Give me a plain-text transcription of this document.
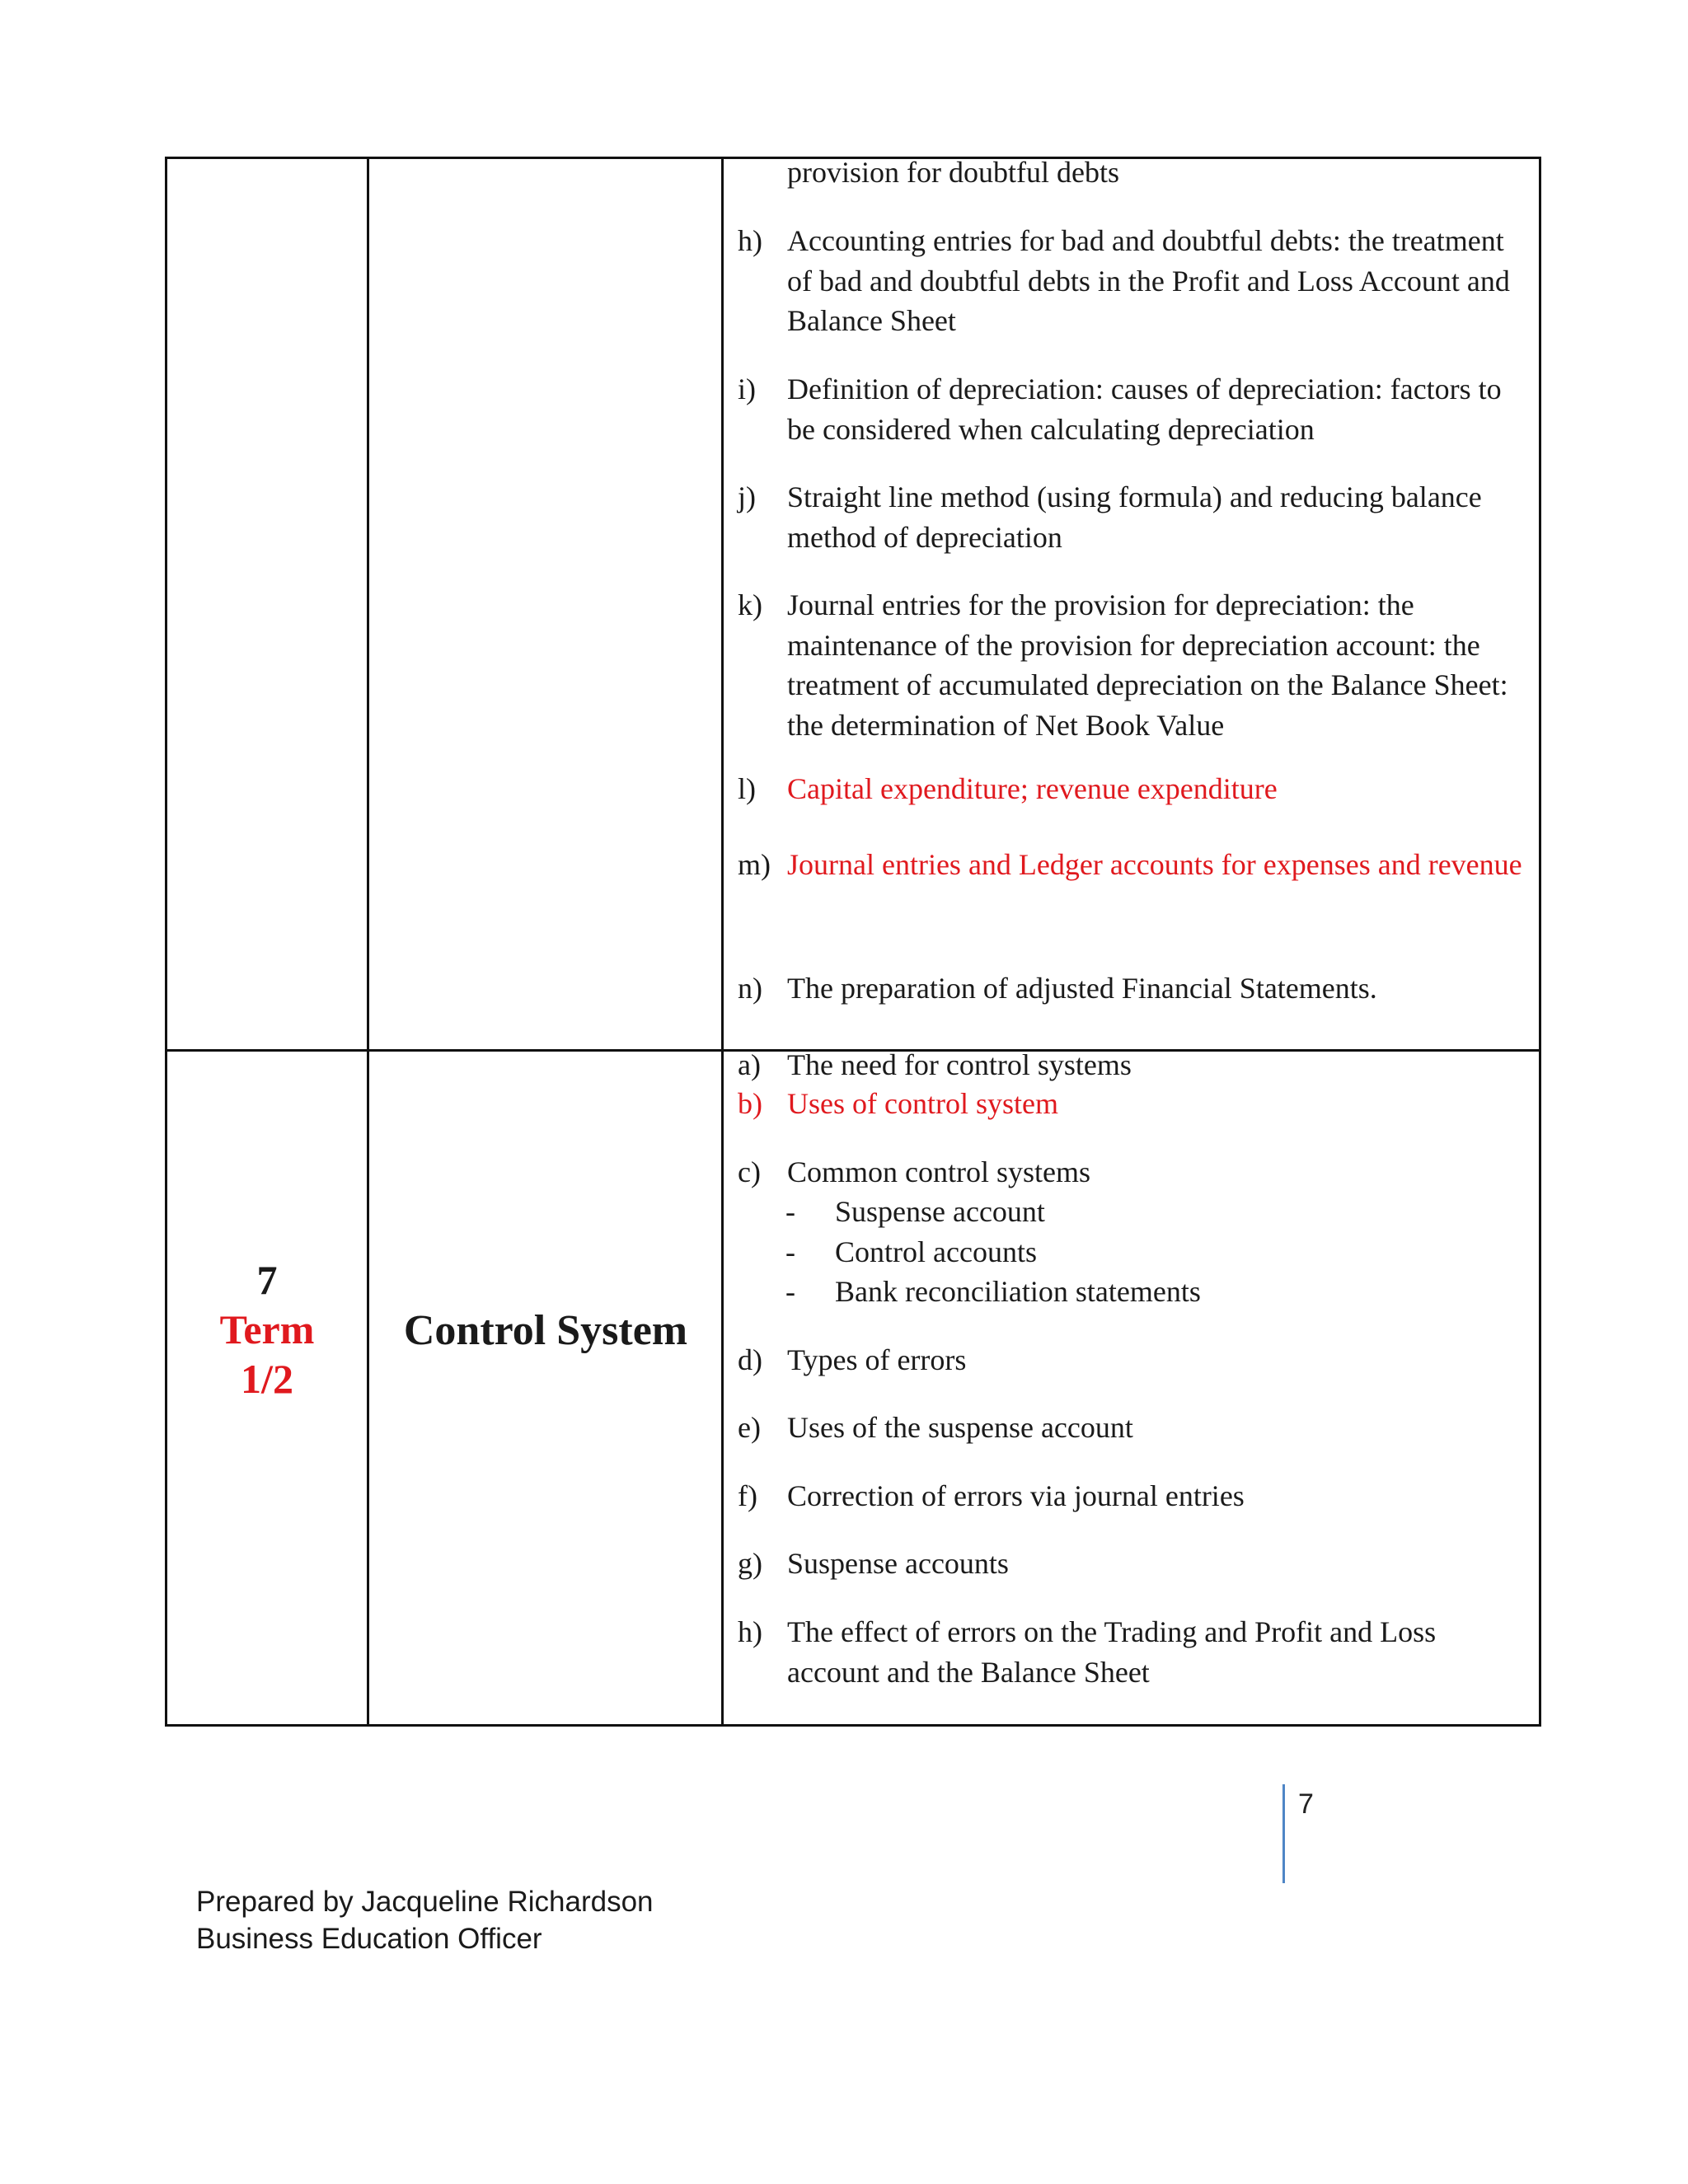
provision for doubtful debts
h) Accounting entries for bad and doubtful debts: the treatment of bad and doubtful debts in the Profit and Loss Account and Balance Sheet
i) Definition of depreciation: causes of depreciation: factors to be considered when calculating depreciation
j) Straight line method (using formula) and reducing balance method of depreciation
k) Journal entries for the provision for depreciation: the maintenance of the provision for depreciation account: the treatment of accumulated depreciation on the Balance Sheet: the determination of Net Book Value
l) Capital expenditure; revenue expenditure
m) Journal entries and Ledger accounts for expenses and revenue
n) The preparation of adjusted Financial Statements.
7
Term
1/2
Control System
a) The need for control systems
b) Uses of control system
c) Common control systems
- Suspense account
- Control accounts
- Bank reconciliation statements
d) Types of errors
e) Uses of the suspense account
f) Correction of errors via journal entries
g) Suspense accounts
h) The effect of errors on the Trading and Profit and Loss account and the Balance Sheet
7
Prepared by Jacqueline Richardson
Business Education Officer
